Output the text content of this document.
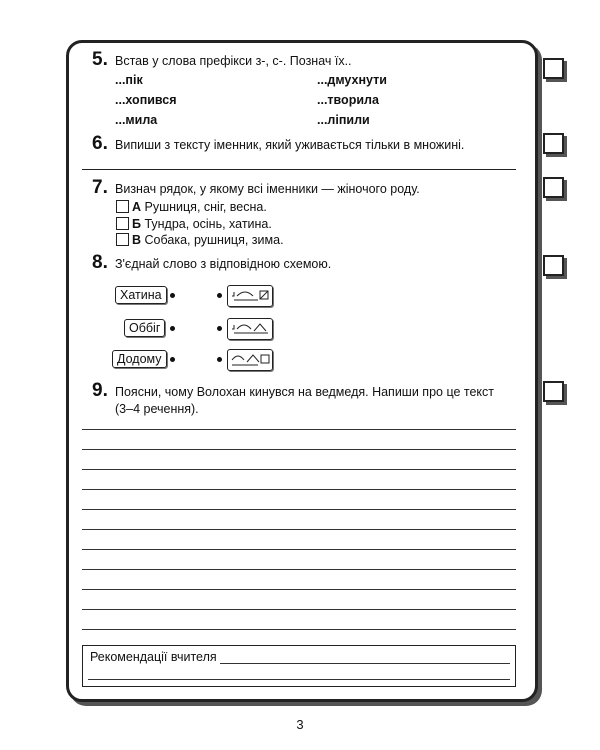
5. Встав у слова префікси з-, с-. Познач їх..
...пік	...дмухнути
...хопився	...творила
...мила	...ліпили
6. Випиши з тексту іменник, який уживається тільки в множині.
7. Визнач рядок, у якому всі іменники — жіночого роду.
А Рушниця, сніг, весна.
Б Тундра, осінь, хатина.
В Собака, рушниця, зима.
8. З'єднай слово з відповідною схемою.
Хатина
Оббіг
Додому
9. Поясни, чому Волохан кинувся на ведмедя. Напиши про це текст
(3–4 речення).
Рекомендації вчителя
3
